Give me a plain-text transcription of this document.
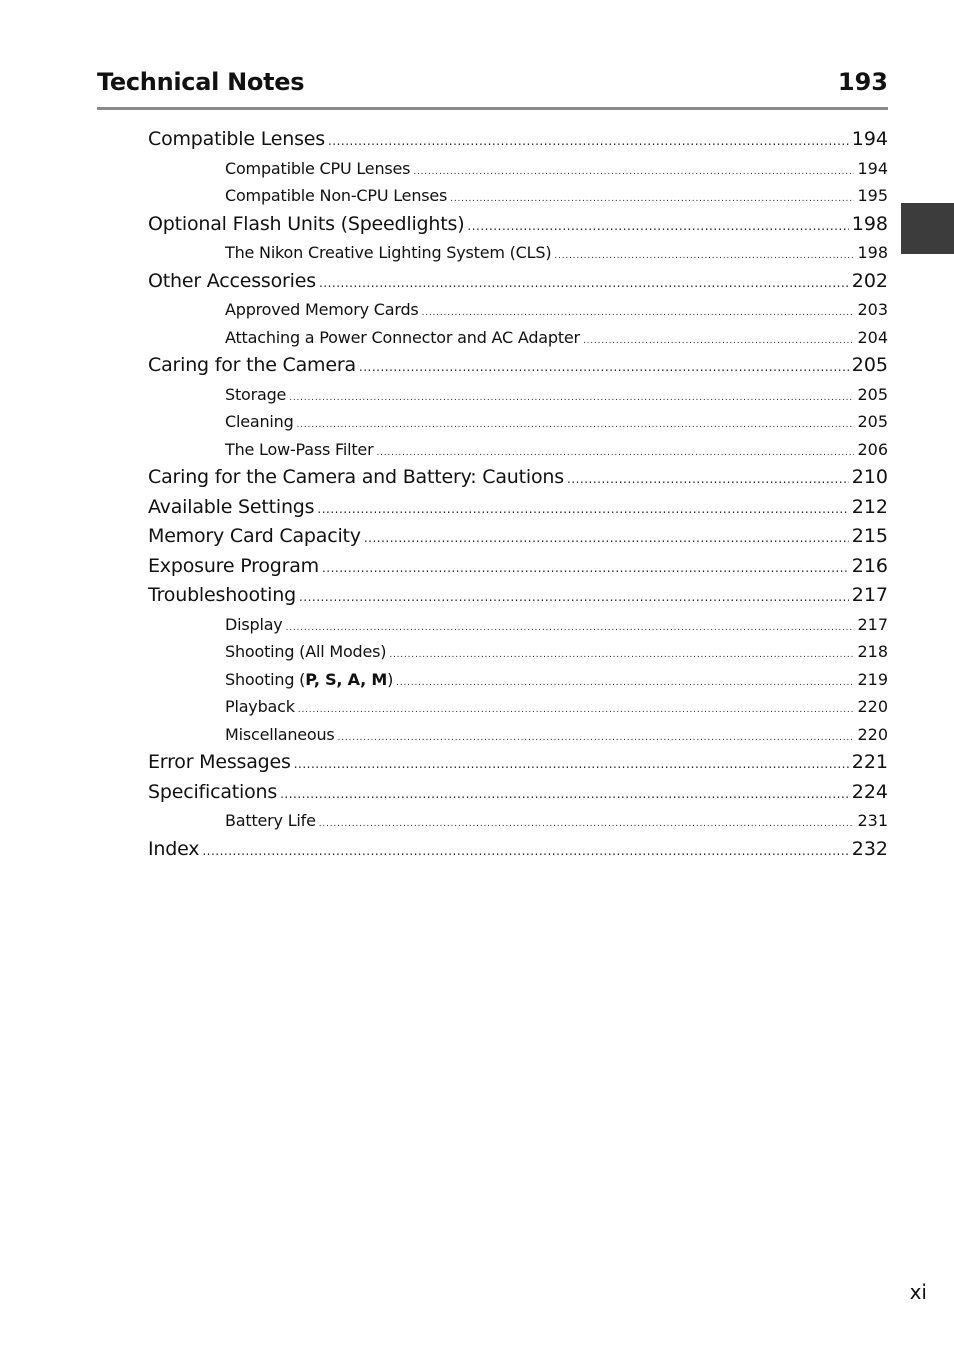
Technical Notes	193
Compatible Lenses .....	194
Compatible CPU Lenses .....	194
Compatible Non-CPU Lenses .....	195
Optional Flash Units (Speedlights) .....	198
The Nikon Creative Lighting System (CLS) .....	198
Other Accessories .....	202
Approved Memory Cards .....	203
Attaching a Power Connector and AC Adapter .....	204
Caring for the Camera .....	205
Storage .....	205
Cleaning .....	205
The Low-Pass Filter .....	206
Caring for the Camera and Battery: Cautions .....	210
Available Settings .....	212
Memory Card Capacity .....	215
Exposure Program .....	216
Troubleshooting .....	217
Display .....	217
Shooting (All Modes) .....	218
Shooting (P, S, A, M) .....	219
Playback .....	220
Miscellaneous .....	220
Error Messages .....	221
Specifications .....	224
Battery Life .....	231
Index .....	232
xi
